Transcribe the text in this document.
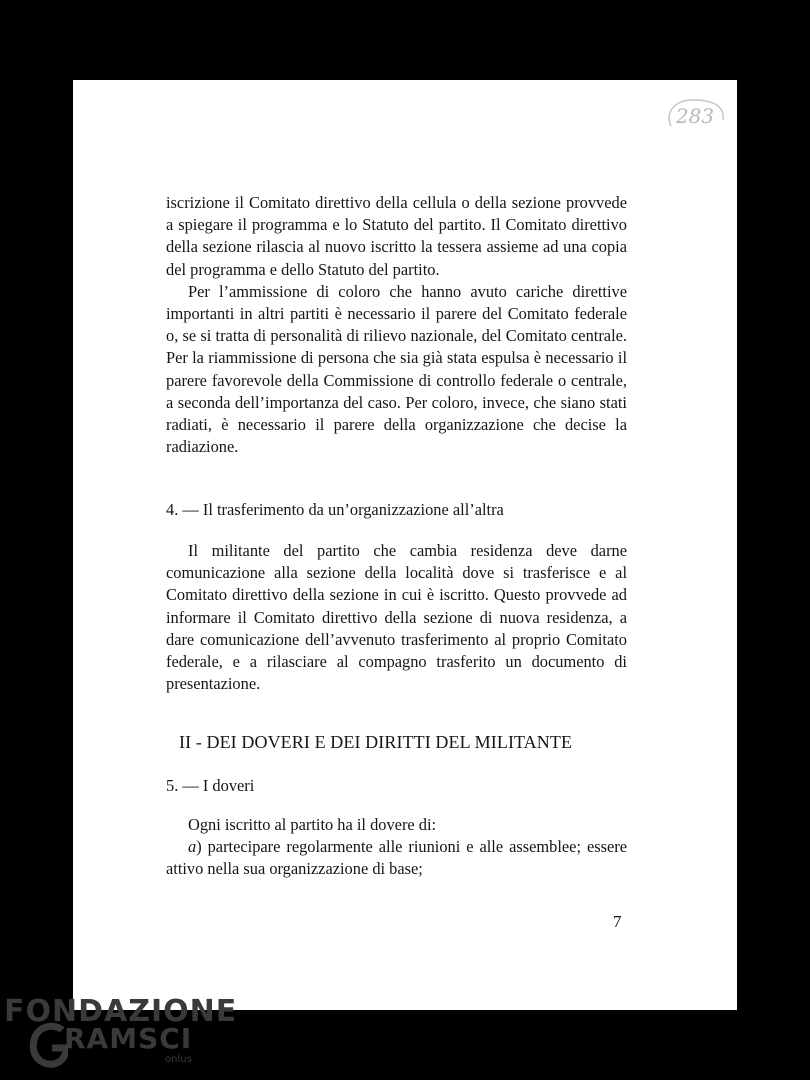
283

iscrizione il Comitato direttivo della cellula o della sezione provvede a spiegare il programma e lo Statuto del partito. Il Comitato direttivo della sezione rilascia al nuovo iscritto la tessera assieme ad una copia del programma e dello Statuto del partito.

Per l’ammissione di coloro che hanno avuto cariche direttive importanti in altri partiti è necessario il parere del Comitato federale o, se si tratta di personalità di rilievo nazionale, del Comitato centrale. Per la riammissione di persona che sia già stata espulsa è necessario il parere favorevole della Commissione di controllo federale o centrale, a seconda dell’importanza del caso. Per coloro, invece, che siano stati radiati, è necessario il parere della organizzazione che decise la radiazione.

4. — Il trasferimento da un’organizzazione all’altra

Il militante del partito che cambia residenza deve darne comunicazione alla sezione della località dove si trasferisce e al Comitato direttivo della sezione in cui è iscritto. Questo provvede ad informare il Comitato direttivo della sezione di nuova residenza, a dare comunicazione dell’avvenuto trasferimento al proprio Comitato federale, e a rilasciare al compagno trasferito un documento di presentazione.

II - DEI DOVERI E DEI DIRITTI DEL MILITANTE
5. — I doveri

Ogni iscritto al partito ha il dovere di:

a) partecipare regolarmente alle riunioni e alle assemblee; essere attivo nella sua organizzazione di base;

7
FONDAZIONE
RAMSCI
onlus
